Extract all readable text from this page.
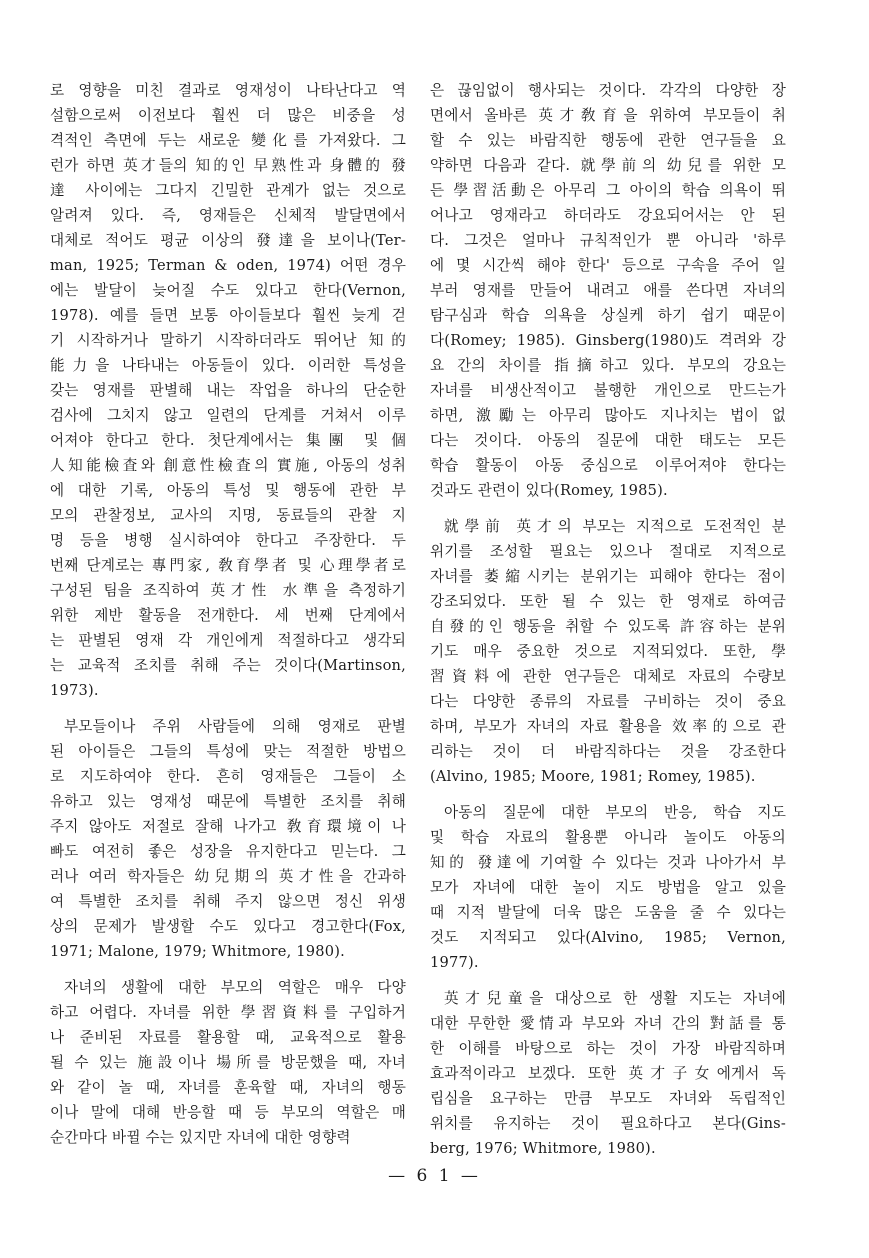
로 영향을 미친 결과로 영재성이 나타난다고 역
설함으로써 이전보다 훨씬 더 많은 비중을 성
격적인 측면에 두는 새로운 變化를 가져왔다. 그
런가 하면 英才들의 知的인 早熟性과 身體的 發
達 사이에는 그다지 긴밀한 관계가 없는 것으로
알려져 있다. 즉, 영재들은 신체적 발달면에서
대체로 적어도 평균 이상의 發達을 보이나(Ter-
man, 1925; Terman & oden, 1974) 어떤 경우
에는 발달이 늦어질 수도 있다고 한다(Vernon,
1978). 예를 들면 보통 아이들보다 훨씬 늦게 걷
기 시작하거나 말하기 시작하더라도 뛰어난 知的
能力을 나타내는 아동들이 있다. 이러한 특성을
갖는 영재를 판별해 내는 작업을 하나의 단순한
검사에 그치지 않고 일련의 단계를 거쳐서 이루
어져야 한다고 한다. 첫단계에서는 集團 및 個
人知能檢査와 創意性檢査의 實施, 아동의 성취
에 대한 기록, 아동의 특성 및 행동에 관한 부
모의 관찰정보, 교사의 지명, 동료들의 관찰 지
명 등을 병행 실시하여야 한다고 주장한다. 두
번째 단계로는 專門家, 敎育學者 및 心理學者로
구성된 팀을 조직하여 英才性 水準을 측정하기
위한 제반 활동을 전개한다. 세 번째 단계에서
는 판별된 영재 각 개인에게 적절하다고 생각되
는 교육적 조치를 취해 주는 것이다(Martinson,
1973).
부모들이나 주위 사람들에 의해 영재로 판별
된 아이들은 그들의 특성에 맞는 적절한 방법으
로 지도하여야 한다. 흔히 영재들은 그들이 소
유하고 있는 영재성 때문에 특별한 조치를 취해
주지 않아도 저절로 잘해 나가고 敎育環境이 나
빠도 여전히 좋은 성장을 유지한다고 믿는다. 그
러나 여러 학자들은 幼兒期의 英才性을 간과하
여 특별한 조치를 취해 주지 않으면 정신 위생
상의 문제가 발생할 수도 있다고 경고한다(Fox,
1971; Malone, 1979; Whitmore, 1980).
자녀의 생활에 대한 부모의 역할은 매우 다양
하고 어렵다. 자녀를 위한 學習資料를 구입하거
나 준비된 자료를 활용할 때, 교육적으로 활용
될 수 있는 施設이나 場所를 방문했을 때, 자녀
와 같이 놀 때, 자녀를 훈육할 때, 자녀의 행동
이나 말에 대해 반응할 때 등 부모의 역할은 매
순간마다 바뀔 수는 있지만 자녀에 대한 영향력
은 끊임없이 행사되는 것이다. 각각의 다양한 장
면에서 올바른 英才敎育을 위하여 부모들이 취
할 수 있는 바람직한 행동에 관한 연구들을 요
약하면 다음과 같다. 就學前의 幼兒를 위한 모
든 學習活動은 아무리 그 아이의 학습 의욕이 뛰
어나고 영재라고 하더라도 강요되어서는 안 된
다. 그것은 얼마나 규칙적인가 뿐 아니라 '하루
에 몇 시간씩 해야 한다' 등으로 구속을 주어 일
부러 영재를 만들어 내려고 애를 쓴다면 자녀의
탐구심과 학습 의욕을 상실케 하기 쉽기 때문이
다(Romey; 1985). Ginsberg(1980)도 격려와 강
요 간의 차이를 指摘하고 있다. 부모의 강요는
자녀를 비생산적이고 불행한 개인으로 만드는가
하면, 激勵는 아무리 많아도 지나치는 법이 없
다는 것이다. 아동의 질문에 대한 태도는 모든
학습 활동이 아동 중심으로 이루어져야 한다는
것과도 관련이 있다(Romey, 1985).
就學前 英才의 부모는 지적으로 도전적인 분
위기를 조성할 필요는 있으나 절대로 지적으로
자녀를 萎縮시키는 분위기는 피해야 한다는 점이
강조되었다. 또한 될 수 있는 한 영재로 하여금
自發的인 행동을 취할 수 있도록 許容하는 분위
기도 매우 중요한 것으로 지적되었다. 또한, 學
習資料에 관한 연구들은 대체로 자료의 수량보
다는 다양한 종류의 자료를 구비하는 것이 중요
하며, 부모가 자녀의 자료 활용을 效率的으로 관
리하는 것이 더 바람직하다는 것을 강조한다
(Alvino, 1985; Moore, 1981; Romey, 1985).
아동의 질문에 대한 부모의 반응, 학습 지도
및 학습 자료의 활용뿐 아니라 놀이도 아동의
知的 發達에 기여할 수 있다는 것과 나아가서 부
모가 자녀에 대한 놀이 지도 방법을 알고 있을
때 지적 발달에 더욱 많은 도움을 줄 수 있다는
것도 지적되고 있다(Alvino, 1985; Vernon,
1977).
英才兒童을 대상으로 한 생활 지도는 자녀에
대한 무한한 愛情과 부모와 자녀 간의 對話를 통
한 이해를 바탕으로 하는 것이 가장 바람직하며
효과적이라고 보겠다. 또한 英才子女에게서 독
립심을 요구하는 만큼 부모도 자녀와 독립적인
위치를 유지하는 것이 필요하다고 본다(Gins-
berg, 1976; Whitmore, 1980).
— 6 1 —
